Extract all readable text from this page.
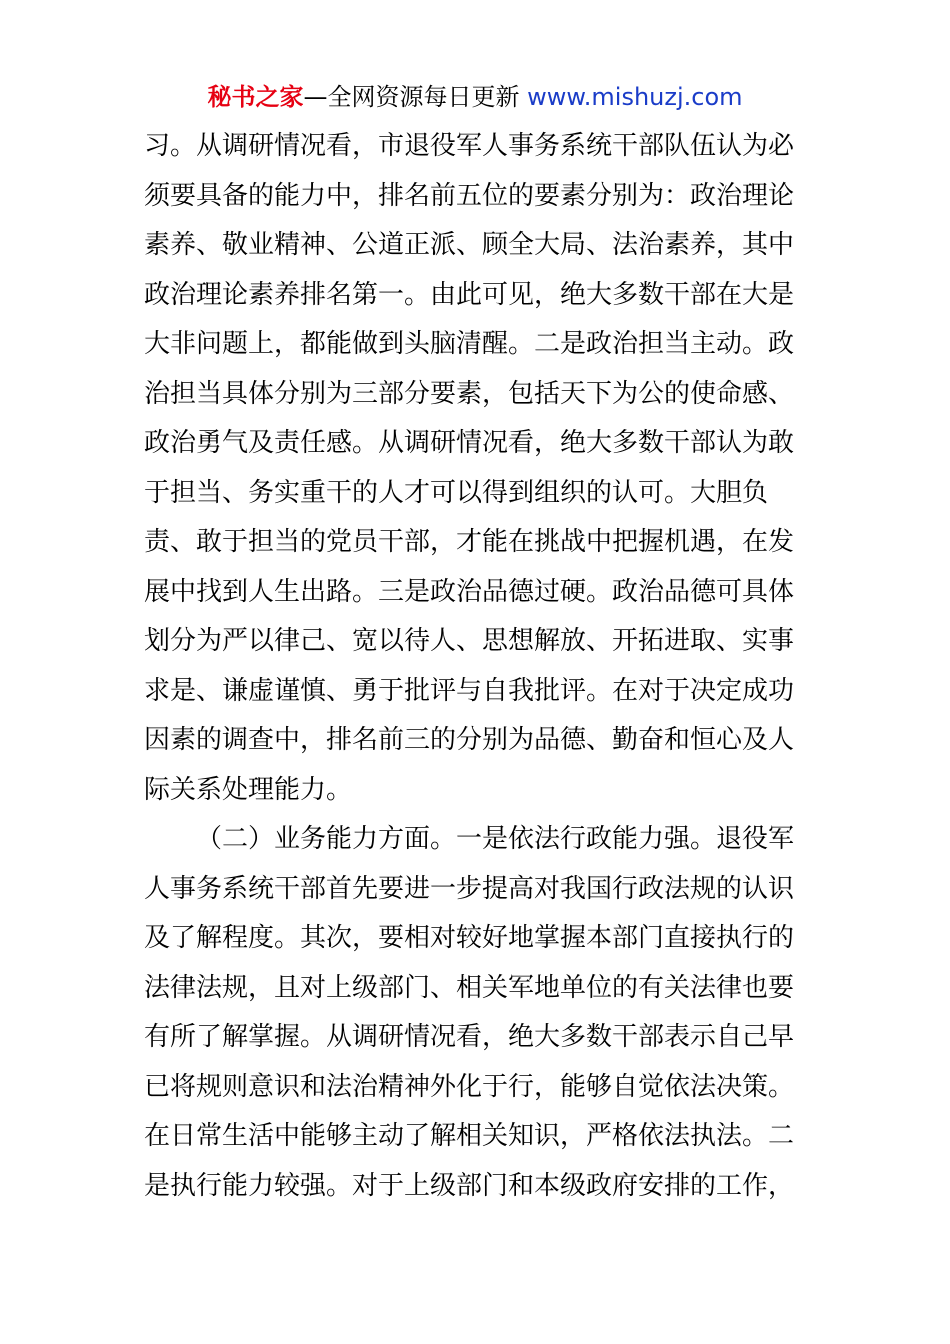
秘书之家—全网资源每日更新 www.mishuzj.com
习。从调研情况看，市退役军人事务系统干部队伍认为必
须要具备的能力中，排名前五位的要素分别为：政治理论
素养、敬业精神、公道正派、顾全大局、法治素养，其中
政治理论素养排名第一。由此可见，绝大多数干部在大是
大非问题上，都能做到头脑清醒。二是政治担当主动。政
治担当具体分别为三部分要素，包括天下为公的使命感、
政治勇气及责任感。从调研情况看，绝大多数干部认为敢
于担当、务实重干的人才可以得到组织的认可。大胆负
责、敢于担当的党员干部，才能在挑战中把握机遇，在发
展中找到人生出路。三是政治品德过硬。政治品德可具体
划分为严以律己、宽以待人、思想解放、开拓进取、实事
求是、谦虚谨慎、勇于批评与自我批评。在对于决定成功
因素的调查中，排名前三的分别为品德、勤奋和恒心及人
际关系处理能力。
（二）业务能力方面。一是依法行政能力强。退役军
人事务系统干部首先要进一步提高对我国行政法规的认识
及了解程度。其次，要相对较好地掌握本部门直接执行的
法律法规，且对上级部门、相关军地单位的有关法律也要
有所了解掌握。从调研情况看，绝大多数干部表示自己早
已将规则意识和法治精神外化于行，能够自觉依法决策。
在日常生活中能够主动了解相关知识，严格依法执法。二
是执行能力较强。对于上级部门和本级政府安排的工作，
